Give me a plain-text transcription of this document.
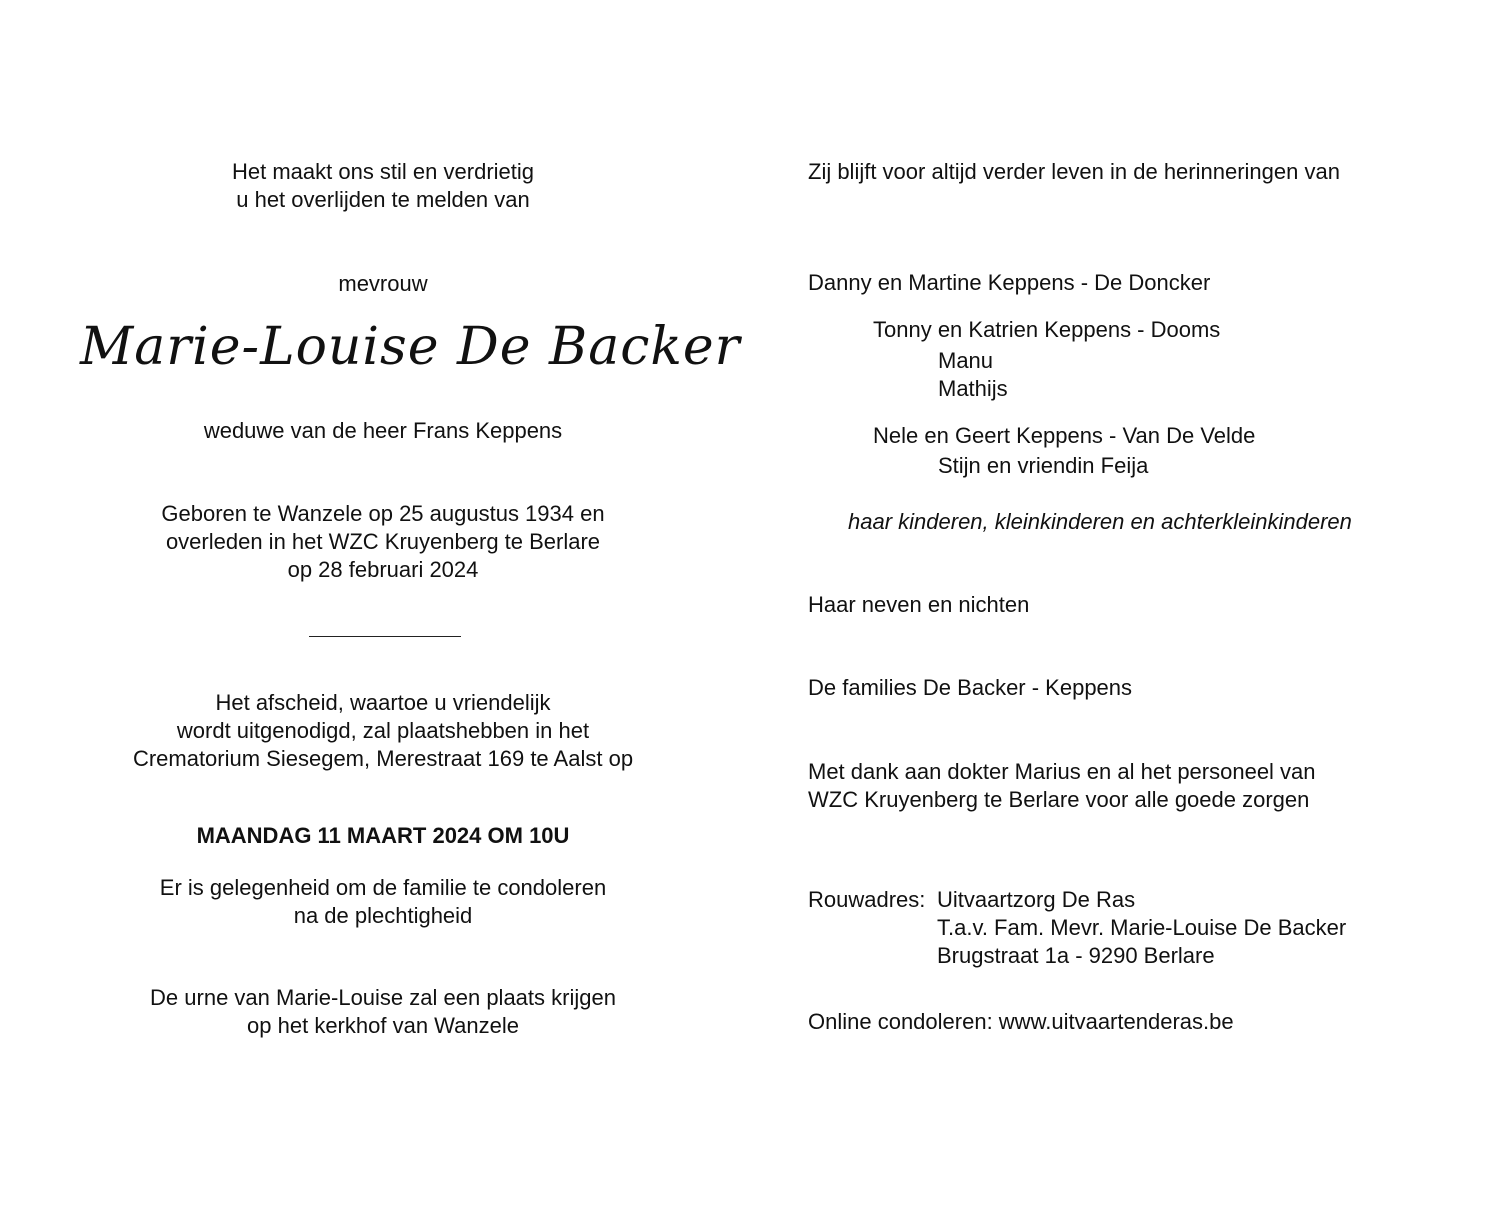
Het maakt ons stil en verdrietig
u het overlijden te melden van
mevrouw
Marie-Louise De Backer
weduwe van de heer Frans Keppens
Geboren te Wanzele op 25 augustus 1934 en
overleden in het WZC Kruyenberg te Berlare
op 28 februari 2024
Het afscheid, waartoe u vriendelijk
wordt uitgenodigd, zal plaatshebben in het
Crematorium Siesegem, Merestraat 169 te Aalst op
MAANDAG 11 MAART 2024 OM 10U
Er is gelegenheid om de familie te condoleren
na de plechtigheid
De urne van Marie-Louise zal een plaats krijgen
op het kerkhof van Wanzele
Zij blijft voor altijd verder leven in de herinneringen van
Danny en Martine Keppens - De Doncker
Tonny en Katrien Keppens - Dooms
Manu
Mathijs
Nele en Geert Keppens - Van De Velde
Stijn en vriendin Feija
haar kinderen, kleinkinderen en achterkleinkinderen
Haar neven en nichten
De families De Backer - Keppens
Met dank aan dokter Marius en al het personeel van
WZC Kruyenberg te Berlare voor alle goede zorgen
Rouwadres: Uitvaartzorg De Ras
T.a.v. Fam. Mevr. Marie-Louise De Backer
Brugstraat 1a - 9290 Berlare
Online condoleren: www.uitvaartenderas.be
